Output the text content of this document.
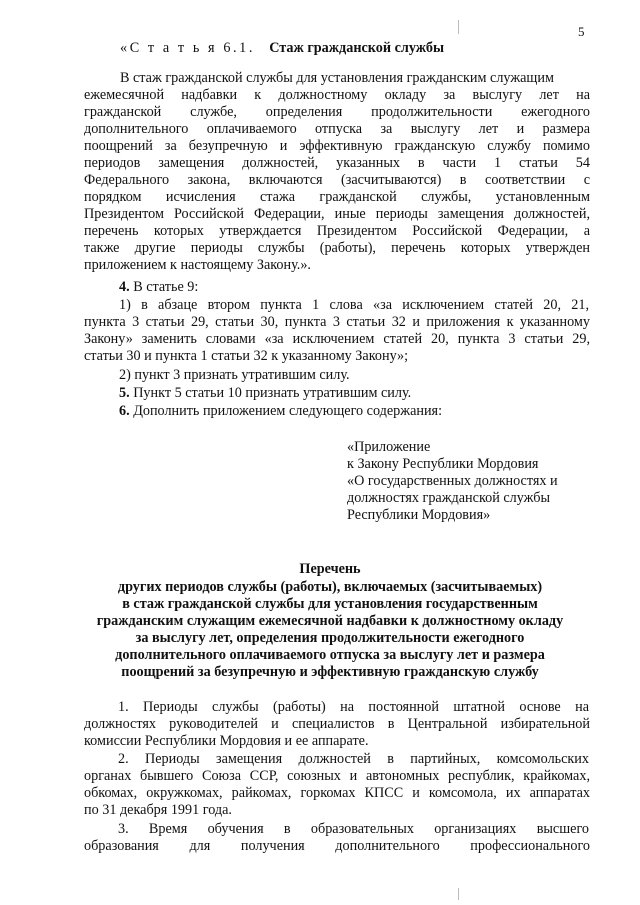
5
«С т а т ь я 6.1. Стаж гражданской службы
В стаж гражданской службы для установления гражданским служащим
ежемесячной надбавки к должностному окладу за выслугу лет на
гражданской службе, определения продолжительности ежегодного
дополнительного оплачиваемого отпуска за выслугу лет и размера
поощрений за безупречную и эффективную гражданскую службу помимо
периодов замещения должностей, указанных в части 1 статьи 54
Федерального закона, включаются (засчитываются) в соответствии с
порядком исчисления стажа гражданской службы, установленным
Президентом Российской Федерации, иные периоды замещения должностей,
перечень которых утверждается Президентом Российской Федерации, а
также другие периоды службы (работы), перечень которых утвержден
приложением к настоящему Закону.».
4. В статье 9:
1) в абзаце втором пункта 1 слова «за исключением статей 20, 21,
пункта 3 статьи 29, статьи 30, пункта 3 статьи 32 и приложения к указанному
Закону» заменить словами «за исключением статей 20, пункта 3 статьи 29,
статьи 30 и пункта 1 статьи 32 к указанному Закону»;
2) пункт 3 признать утратившим силу.
5. Пункт 5 статьи 10 признать утратившим силу.
6. Дополнить приложением следующего содержания:
«Приложение
к Закону Республики Мордовия
«О государственных должностях и
должностях гражданской службы
Республики Мордовия»
Перечень
других периодов службы (работы), включаемых (засчитываемых)
в стаж гражданской службы для установления государственным
гражданским служащим ежемесячной надбавки к должностному окладу
за выслугу лет, определения продолжительности ежегодного
дополнительного оплачиваемого отпуска за выслугу лет и размера
поощрений за безупречную и эффективную гражданскую службу
1. Периоды службы (работы) на постоянной штатной основе на
должностях руководителей и специалистов в Центральной избирательной
комиссии Республики Мордовия и ее аппарате.
2. Периоды замещения должностей в партийных, комсомольских
органах бывшего Союза ССР, союзных и автономных республик, крайкомах,
обкомах, окружкомах, райкомах, горкомах КПСС и комсомола, их аппаратах
по 31 декабря 1991 года.
3. Время обучения в образовательных организациях высшего
образования для получения дополнительного профессионального
